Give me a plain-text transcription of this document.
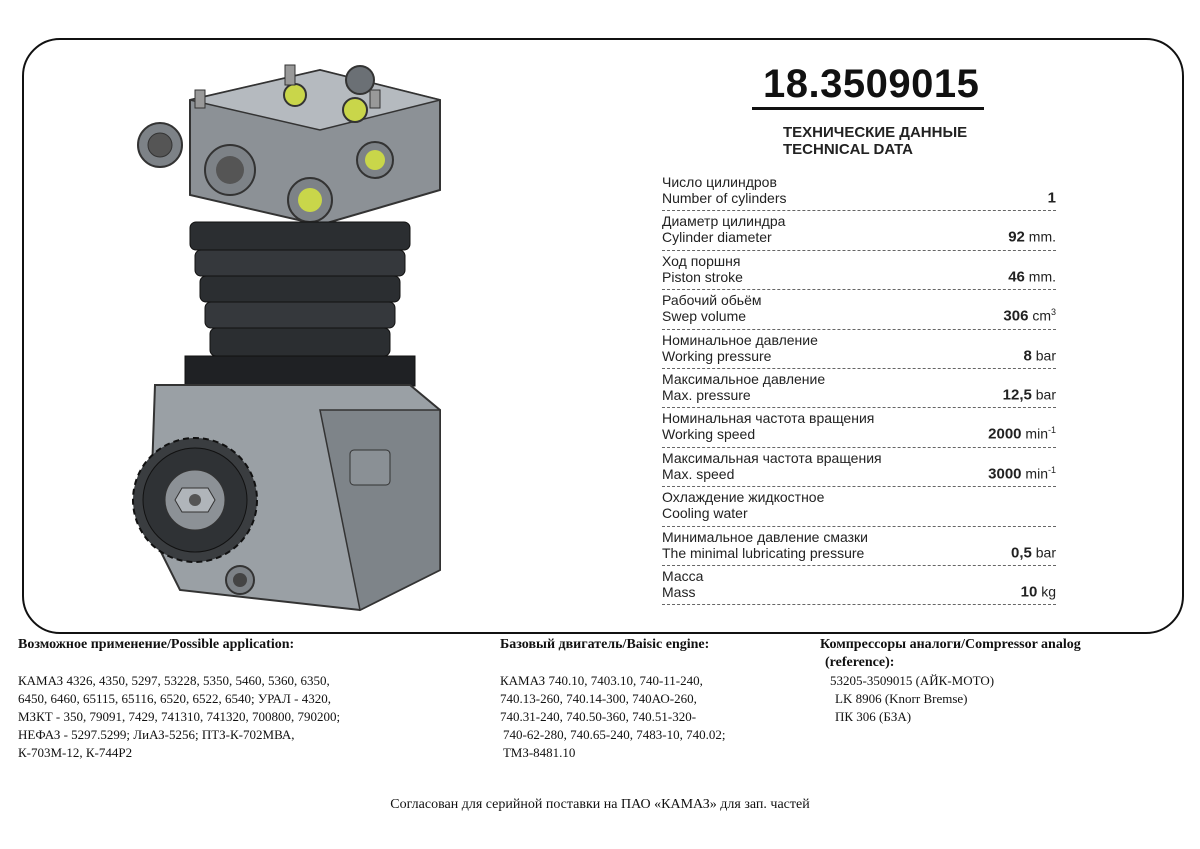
18.3509015
ТЕХНИЧЕСКИЕ ДАННЫЕ
TECHNICAL DATA
Число цилиндров
Number of cylinders	1
Диаметр цилиндра
Cylinder diameter	92 mm.
Ход поршня
Piston stroke	46 mm.
Рабочий обьём
Swep volume	306 $cm^3$
Номинальное давление
Working pressure	8 bar
Максимальное давление
Max. pressure	12,5 bar
Номинальная частота вращения
Working speed	2000 $\min^{-1}$
Максимальная частота вращения
Max. speed	3000 $\min^{-1}$
Охлаждение жидкостное
Cooling water
Минимальное давление смазки
The minimal lubricating pressure	0,5 bar
Масса
Mass	10 kg

Возможное применение/Possible application:

КАМАЗ 4326, 4350, 5297, 53228, 5350, 5460, 5360, 6350,

6450, 6460, 65115, 65116, 6520, 6522, 6540; УРАЛ - 4320,

МЗКТ - 350, 79091, 7429, 741310, 741320, 700800, 790200;

НЕФАЗ - 5297.5299; ЛиАЗ-5256; ПТЗ-К-702МВА,

К-703М-12, К-744Р2

Базовый двигатель/Baisic engine:

КАМАЗ 740.10, 7403.10, 740-11-240,

740.13-260, 740.14-300, 740АО-260,

740.31-240, 740.50-360, 740.51-320-

740-62-280, 740.65-240, 7483-10, 740.02;

ТМЗ-8481.10

Компрессоры аналоги/Compressor analog

(reference):

53205-3509015 (АЙК-МОТО)

LK 8906 (Knorr Bremse)

ПК 306 (БЗА)

Согласован для серийной поставки на ПАО «КАМАЗ» для зап. частей
